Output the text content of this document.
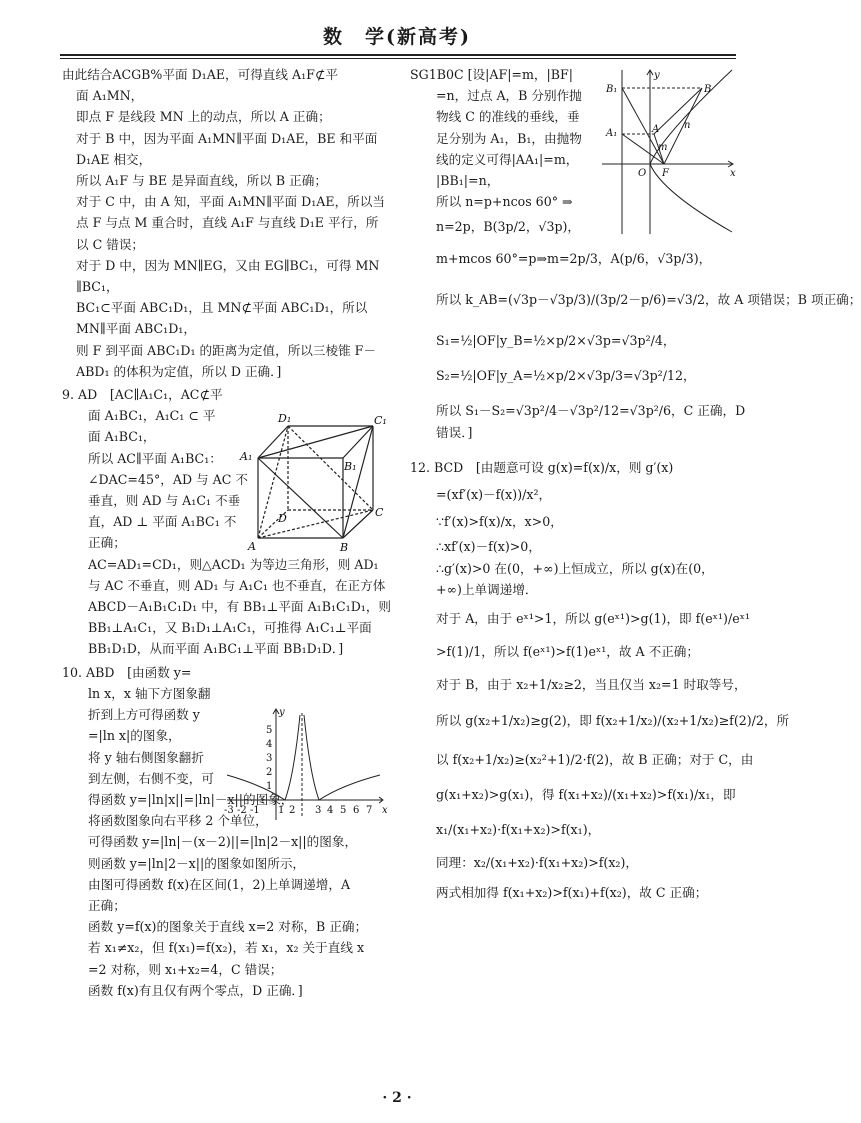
数　学(新高考)
由此结合ACGB%平面 D₁AE，可得直线 A₁F⊄平
面 A₁MN，
即点 F 是线段 MN 上的动点，所以 A 正确；
对于 B 中，因为平面 A₁MN∥平面 D₁AE，BE 和平面
D₁AE 相交，
所以 A₁F 与 BE 是异面直线，所以 B 正确；
对于 C 中，由 A 知，平面 A₁MN∥平面 D₁AE，所以当
点 F 与点 M 重合时，直线 A₁F 与直线 D₁E 平行，所
以 C 错误；
对于 D 中，因为 MN∥EG，又由 EG∥BC₁，可得 MN
∥BC₁，
BC₁⊂平面 ABC₁D₁，且 MN⊄平面 ABC₁D₁，所以
MN∥平面 ABC₁D₁，
则 F 到平面 ABC₁D₁ 的距离为定值，所以三棱锥 F－
ABD₁ 的体积为定值，所以 D 正确．]
9. AD　[AC∥A₁C₁，AC⊄平
面 A₁BC₁，A₁C₁ ⊂ 平
面 A₁BC₁，
所以 AC∥平面 A₁BC₁：
∠DAC=45°，AD 与 AC 不
垂直，则 AD 与 A₁C₁ 不垂
直，AD ⊥ 平面 A₁BC₁ 不
正确；
AC=AD₁=CD₁，则△ACD₁ 为等边三角形，则 AD₁
与 AC 不垂直，则 AD₁ 与 A₁C₁ 也不垂直，在正方体
ABCD－A₁B₁C₁D₁ 中，有 BB₁⊥平面 A₁B₁C₁D₁，则
BB₁⊥A₁C₁，又 B₁D₁⊥A₁C₁，可推得 A₁C₁⊥平面
BB₁D₁D，从而平面 A₁BC₁⊥平面 BB₁D₁D．]
10. ABD　[由函数 y=
ln x，x 轴下方图象翻
折到上方可得函数 y
=|ln x|的图象，
将 y 轴右侧图象翻折
到左侧，右侧不变，可
得函数 y=|ln|x||=|ln|－x||的图象，
将函数图象向右平移 2 个单位，
可得函数 y=|ln|－(x－2)||=|ln|2－x||的图象，
则函数 y=|ln|2－x||的图象如图所示，
由图可得函数 f(x)在区间(1，2)上单调递增，A
正确；
函数 y=f(x)的图象关于直线 x=2 对称，B 正确；
若 x₁≠x₂，但 f(x₁)=f(x₂)，若 x₁，x₂ 关于直线 x
=2 对称，则 x₁+x₂=4，C 错误；
函数 f(x)有且仅有两个零点，D 正确．]
D₁	C₁
A₁
B₁
D	C
A	B
y
x
5
4
3
2
1
-3 -2 -1 1 2 3 4 5 6 7
SG1B0C [设|AF|=m，|BF|
=n，过点 A，B 分别作抛
物线 C 的准线的垂线，垂
足分别为 A₁，B₁，由抛物
线的定义可得|AA₁|=m，
|BB₁|=n，
所以 n=p+ncos 60° ⇒
n=2p，B(3p/2，√3p)，
m+mcos 60°=p⇒m=2p/3，A(p/6，√3p/3)，
所以 k_AB=(√3p－√3p/3)/(3p/2－p/6)=√3/2，故 A 项错误；B 项正确；
S₁=½|OF|y_B=½×p/2×√3p=√3p²/4，
S₂=½|OF|y_A=½×p/2×√3p/3=√3p²/12，
所以 S₁－S₂=√3p²/4－√3p²/12=√3p²/6，C 正确，D
错误．]
12. BCD　[由题意可设 g(x)=f(x)/x，则 g′(x)
=(xf′(x)－f(x))/x²，
∵f′(x)>f(x)/x，x>0，
∴xf′(x)－f(x)>0，
∴g′(x)>0 在(0，+∞)上恒成立，所以 g(x)在(0，
+∞)上单调递增．
对于 A，由于 eˣ¹>1，所以 g(eˣ¹)>g(1)，即 f(eˣ¹)/eˣ¹
>f(1)/1，所以 f(eˣ¹)>f(1)eˣ¹，故 A 不正确；
对于 B，由于 x₂+1/x₂≥2，当且仅当 x₂=1 时取等号，
所以 g(x₂+1/x₂)≥g(2)，即 f(x₂+1/x₂)/(x₂+1/x₂)≥f(2)/2，所
以 f(x₂+1/x₂)≥(x₂²+1)/2·f(2)，故 B 正确；对于 C，由
g(x₁+x₂)>g(x₁)，得 f(x₁+x₂)/(x₁+x₂)>f(x₁)/x₁，即
x₁/(x₁+x₂)·f(x₁+x₂)>f(x₁)，
同理：x₂/(x₁+x₂)·f(x₁+x₂)>f(x₂)，
两式相加得 f(x₁+x₂)>f(x₁)+f(x₂)，故 C 正确；
y
B₁
A₁	A
B
O F	x
m
n
· 2 ·
